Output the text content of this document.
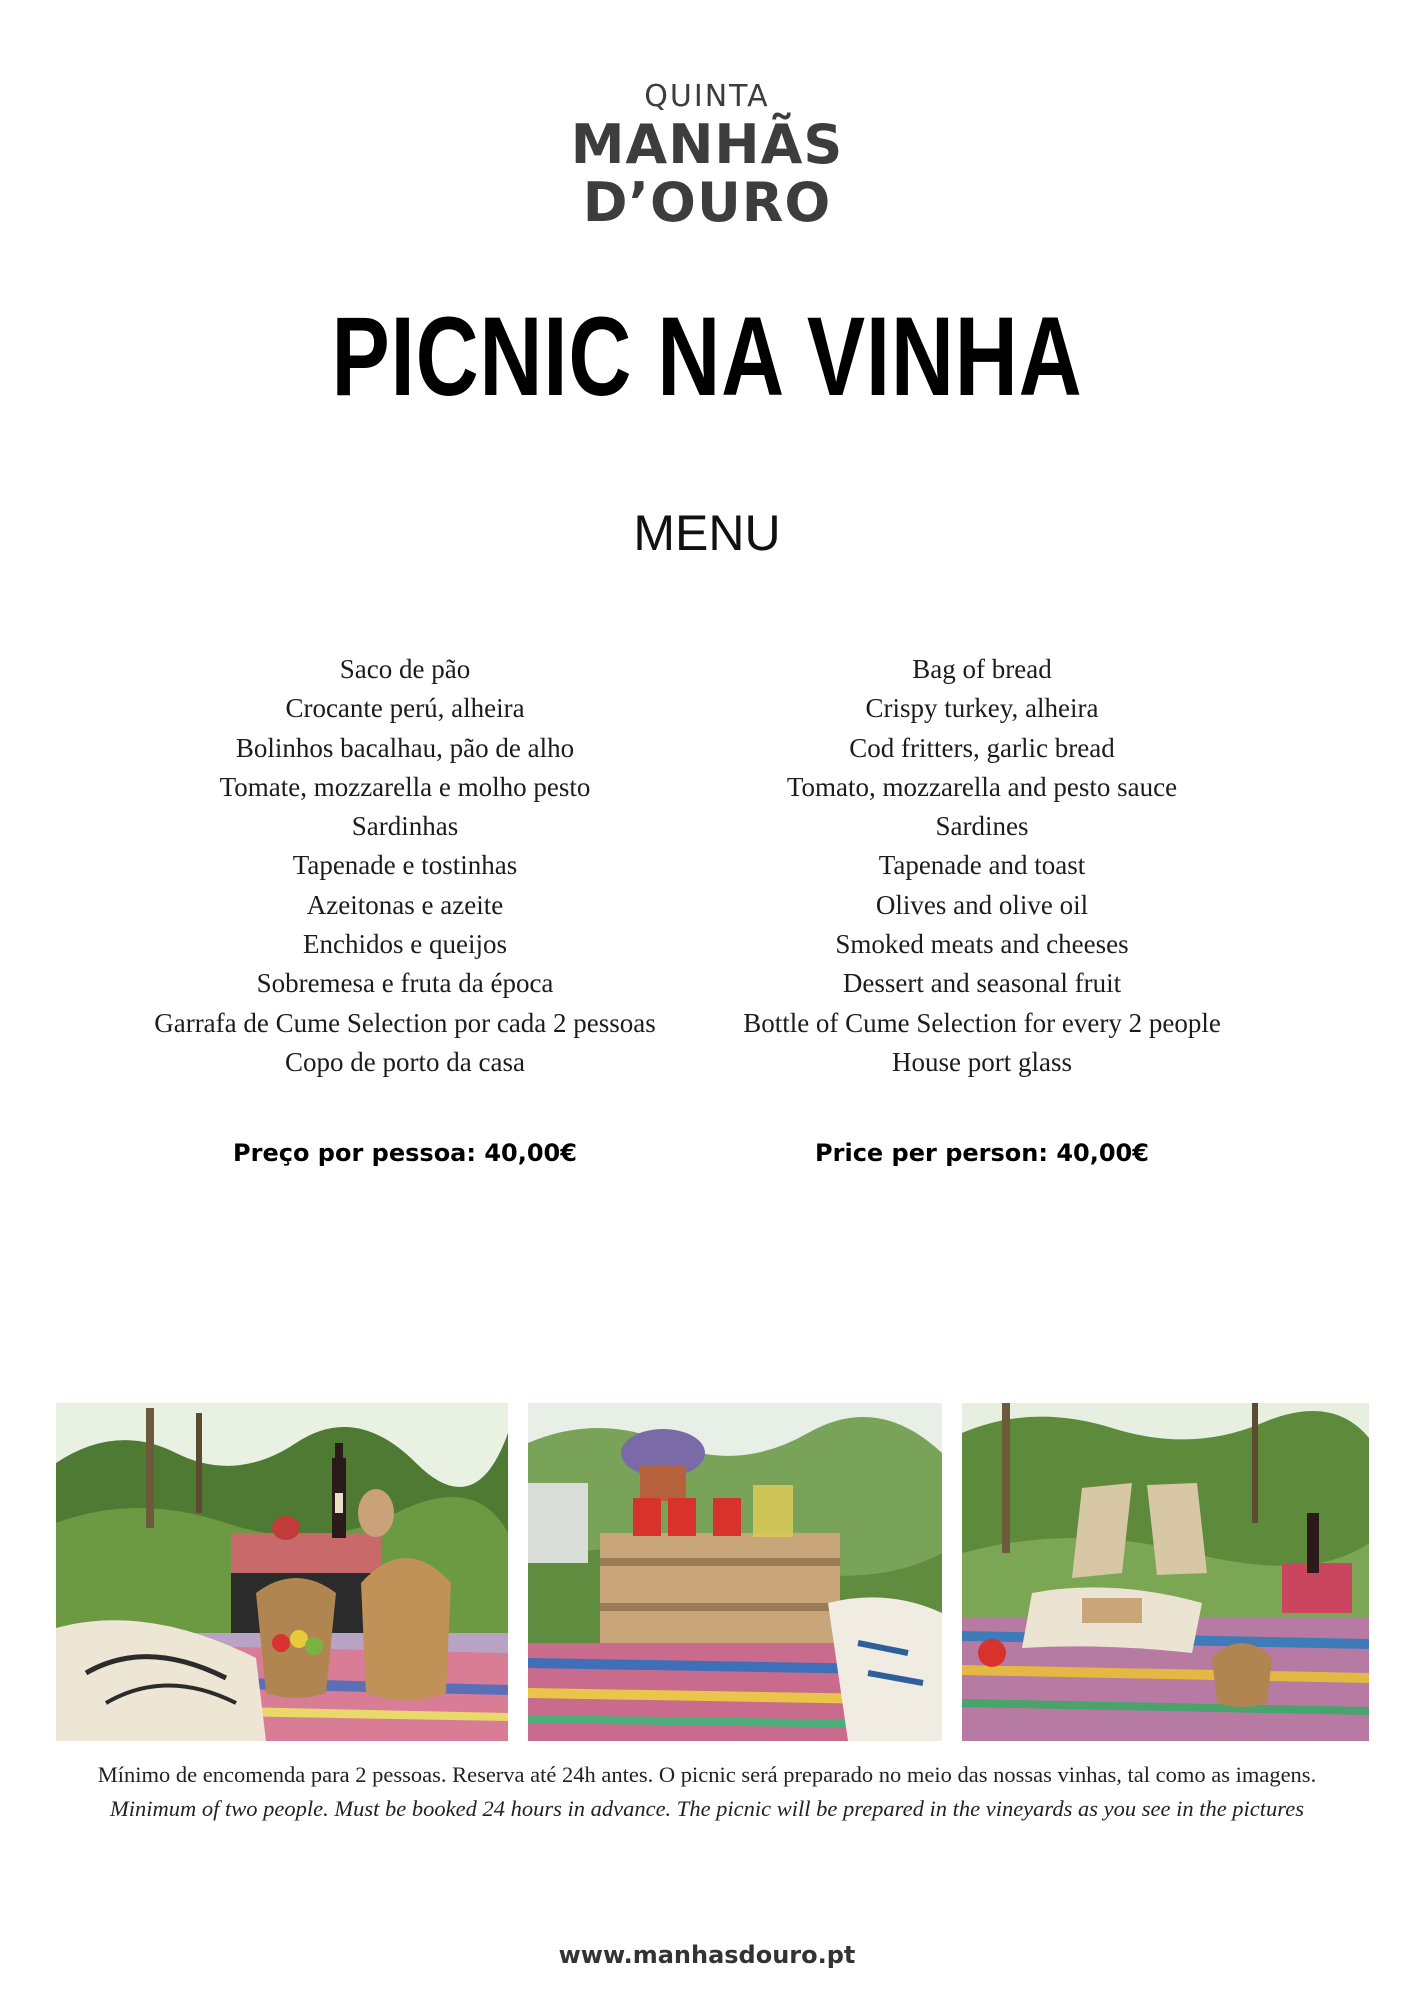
QUINTA
MANHÃS
D’OURO
PICNIC NA VINHA
MENU
Saco de pão
Crocante perú, alheira
Bolinhos bacalhau, pão de alho
Tomate, mozzarella e molho pesto
Sardinhas
Tapenade e tostinhas
Azeitonas e azeite
Enchidos e queijos
Sobremesa e fruta da época
Garrafa de Cume Selection por cada 2 pessoas
Copo de porto da casa
Bag of bread
Crispy turkey, alheira
Cod fritters, garlic bread
Tomato, mozzarella and pesto sauce
Sardines
Tapenade and toast
Olives and olive oil
Smoked meats and cheeses
Dessert and seasonal fruit
Bottle of Cume Selection for every 2 people
House port glass
Preço por pessoa: 40,00€	Price per person: 40,00€
Mínimo de encomenda para 2 pessoas. Reserva até 24h antes. O picnic será preparado no meio das nossas vinhas, tal como as imagens.
Minimum of two people. Must be booked 24 hours in advance. The picnic will be prepared in the vineyards as you see in the pictures
www.manhasdouro.pt
